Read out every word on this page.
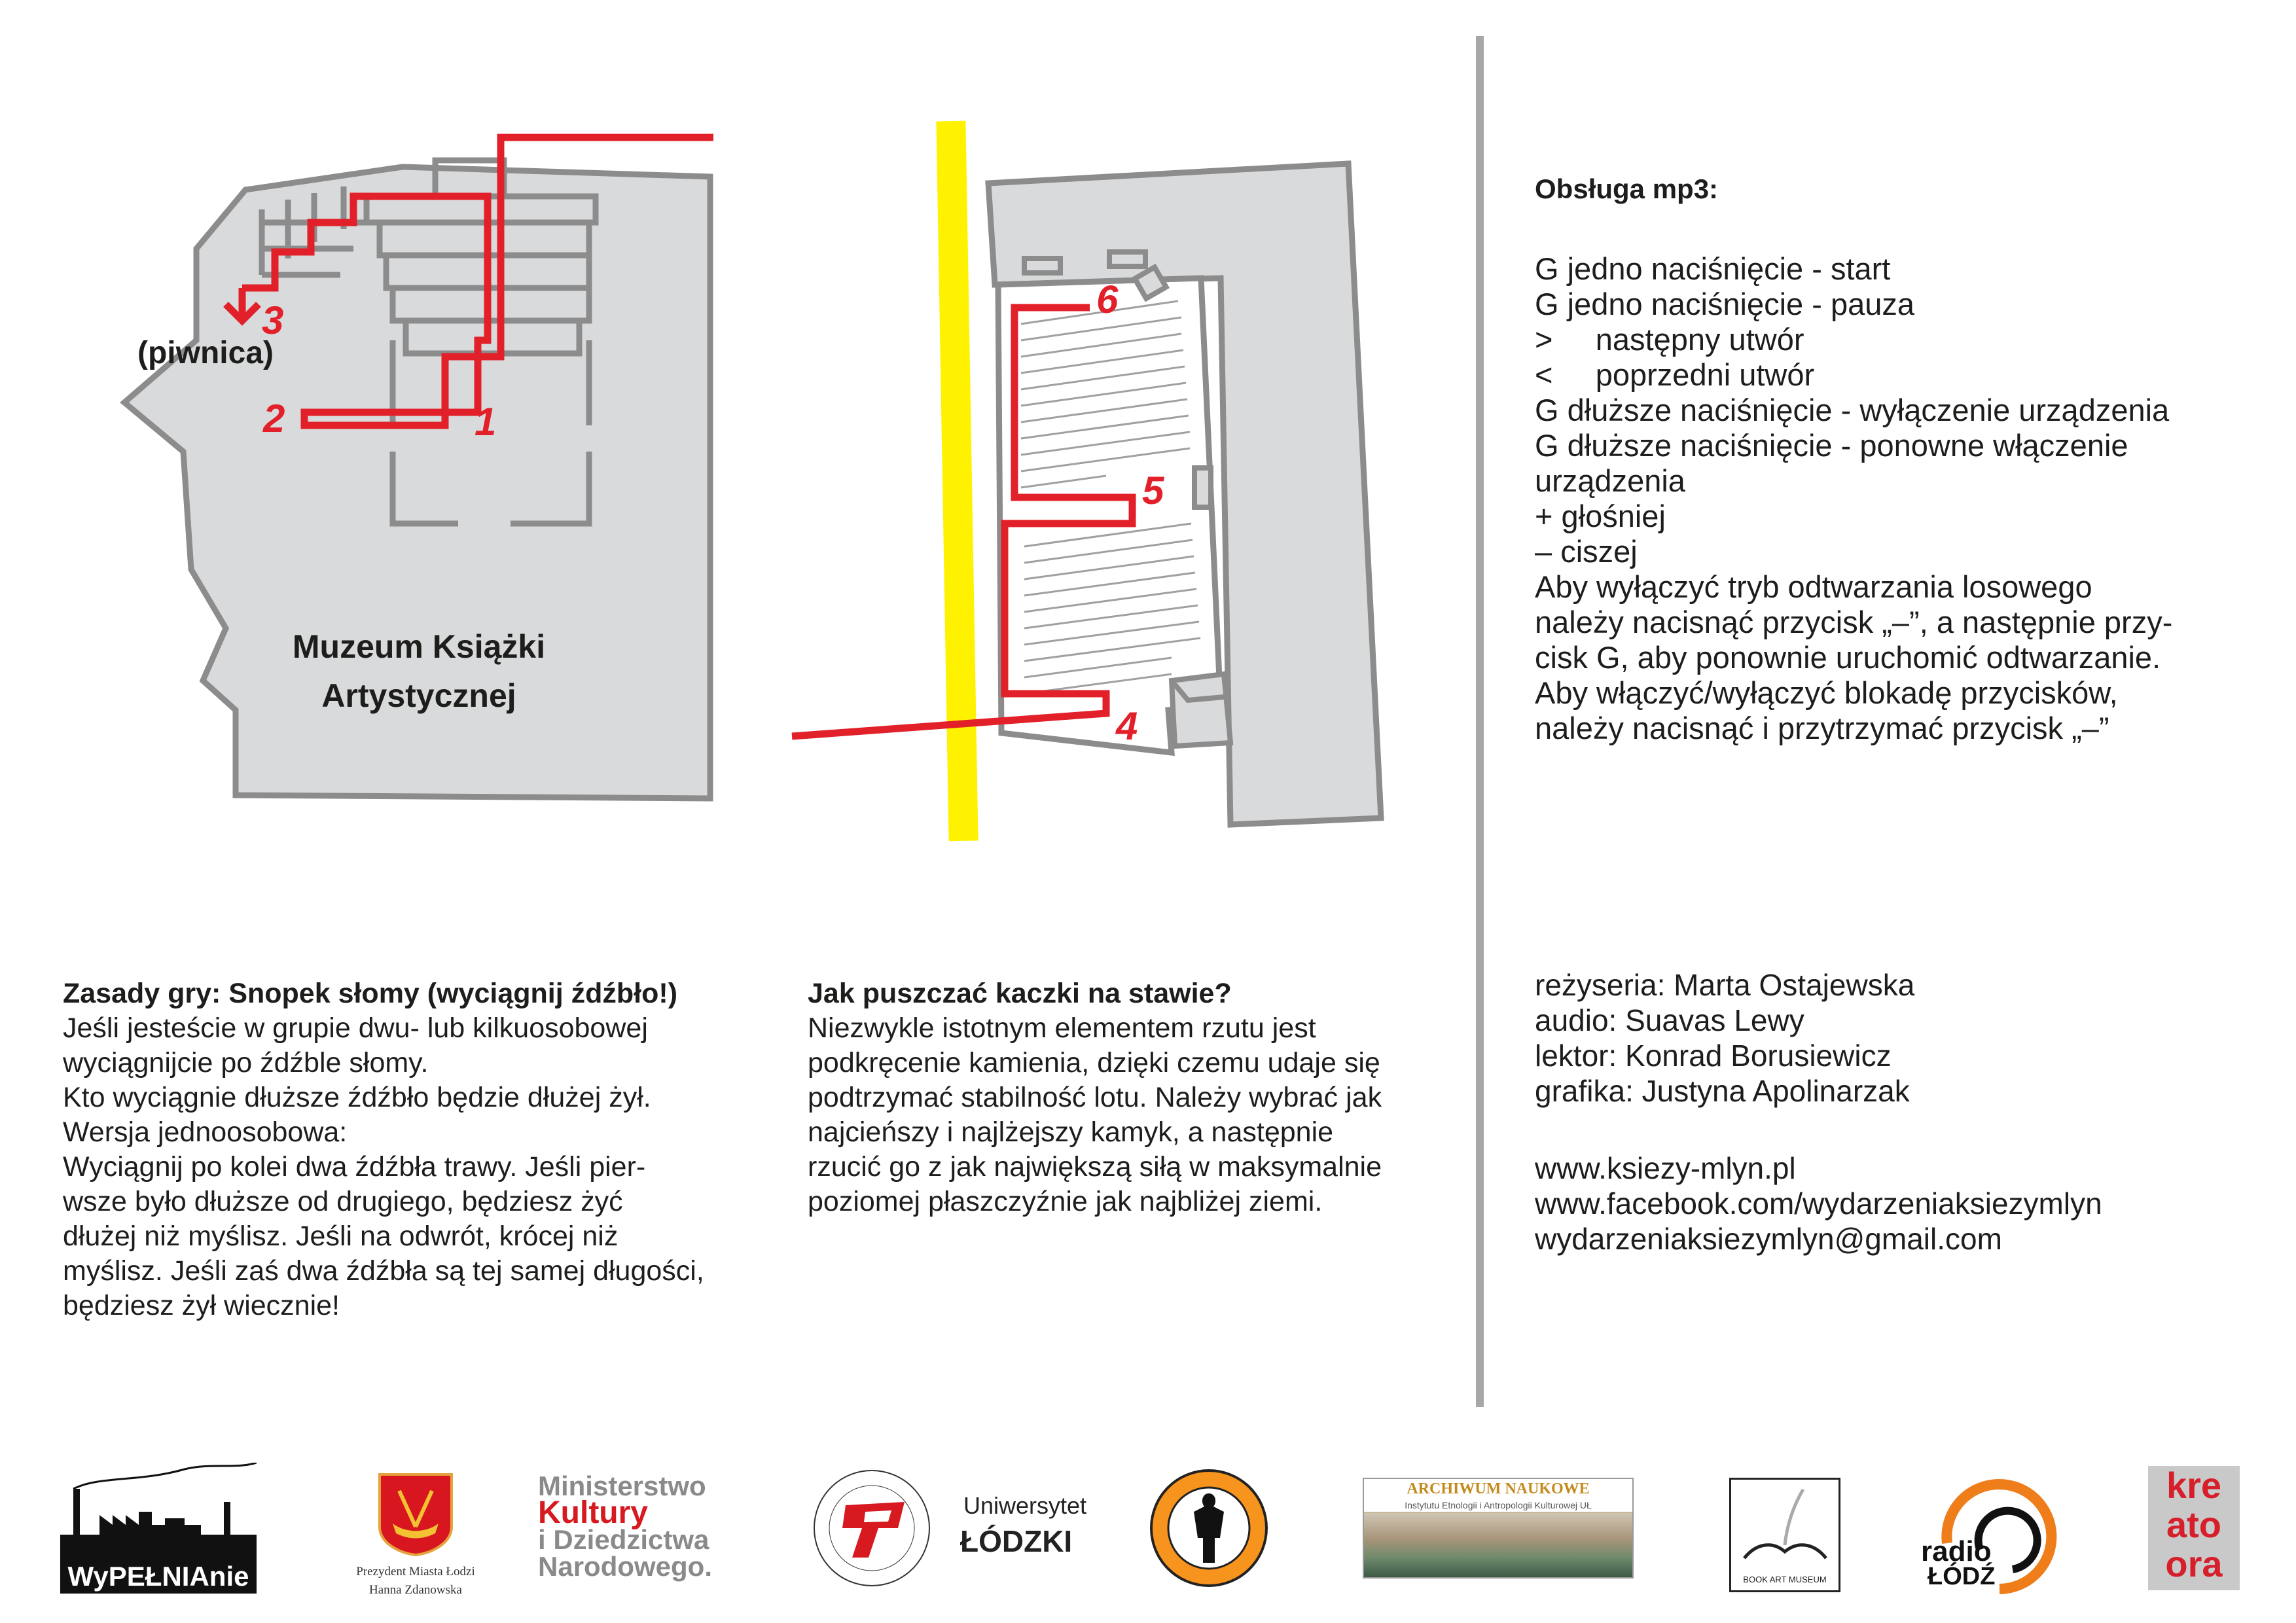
3
2	1
(piwnica)
Muzeum Książki
Artystycznej
4
5
6

Obsługa mp3:

G jedno naciśnięcie - start

G jedno naciśnięcie - pauza

>     następny utwór

<     poprzedni utwór

G dłuższe naciśnięcie - wyłączenie urządzenia

G dłuższe naciśnięcie - ponowne włączenie

urządzenia

+ głośniej

– ciszej

Aby wyłączyć tryb odtwarzania losowego

należy nacisnąć przycisk „–”, a następnie przy-

cisk G, aby ponownie uruchomić odtwarzanie.

Aby włączyć/wyłączyć blokadę przycisków,

należy nacisnąć i przytrzymać przycisk „–”

Zasady gry: Snopek słomy (wyciągnij źdźbło!)

Jeśli jesteście w grupie dwu- lub kilkuosobowej

wyciągnijcie po źdźble słomy.

Kto wyciągnie dłuższe źdźbło będzie dłużej żył.

Wersja jednoosobowa:

Wyciągnij po kolei dwa źdźbła trawy. Jeśli pier-

wsze było dłuższe od drugiego, będziesz żyć

dłużej niż myślisz. Jeśli na odwrót, krócej niż

myślisz. Jeśli zaś dwa źdźbła są tej samej długości,

będziesz żył wiecznie!

Jak puszczać kaczki na stawie?

Niezwykle istotnym elementem rzutu jest

podkręcenie kamienia, dzięki czemu udaje się

podtrzymać stabilność lotu. Należy wybrać jak

najcieńszy i najlżejszy kamyk, a następnie

rzucić go z jak największą siłą w maksymalnie

poziomej płaszczyźnie jak najbliżej ziemi.

reżyseria: Marta Ostajewska

audio: Suavas Lewy

lektor: Konrad Borusiewicz

grafika: Justyna Apolinarzak

www.ksiezy-mlyn.pl

www.facebook.com/wydarzeniaksiezymlyn

wydarzeniaksiezymlyn@gmail.com

WyPEŁNIAnie	Prezydent Miasta Łodzi
Hanna Zdanowska
Ministerstwo
Kultury
i Dziedzictwa
Narodowego.
Uniwersytet
ŁÓDZKI
ARCHIWUM NAUKOWE
Instytutu Etnologii i Antropologii Kulturowej UŁ
BOOK ART MUSEUM
radio
ŁÓDŹ
kre
ato
ora
